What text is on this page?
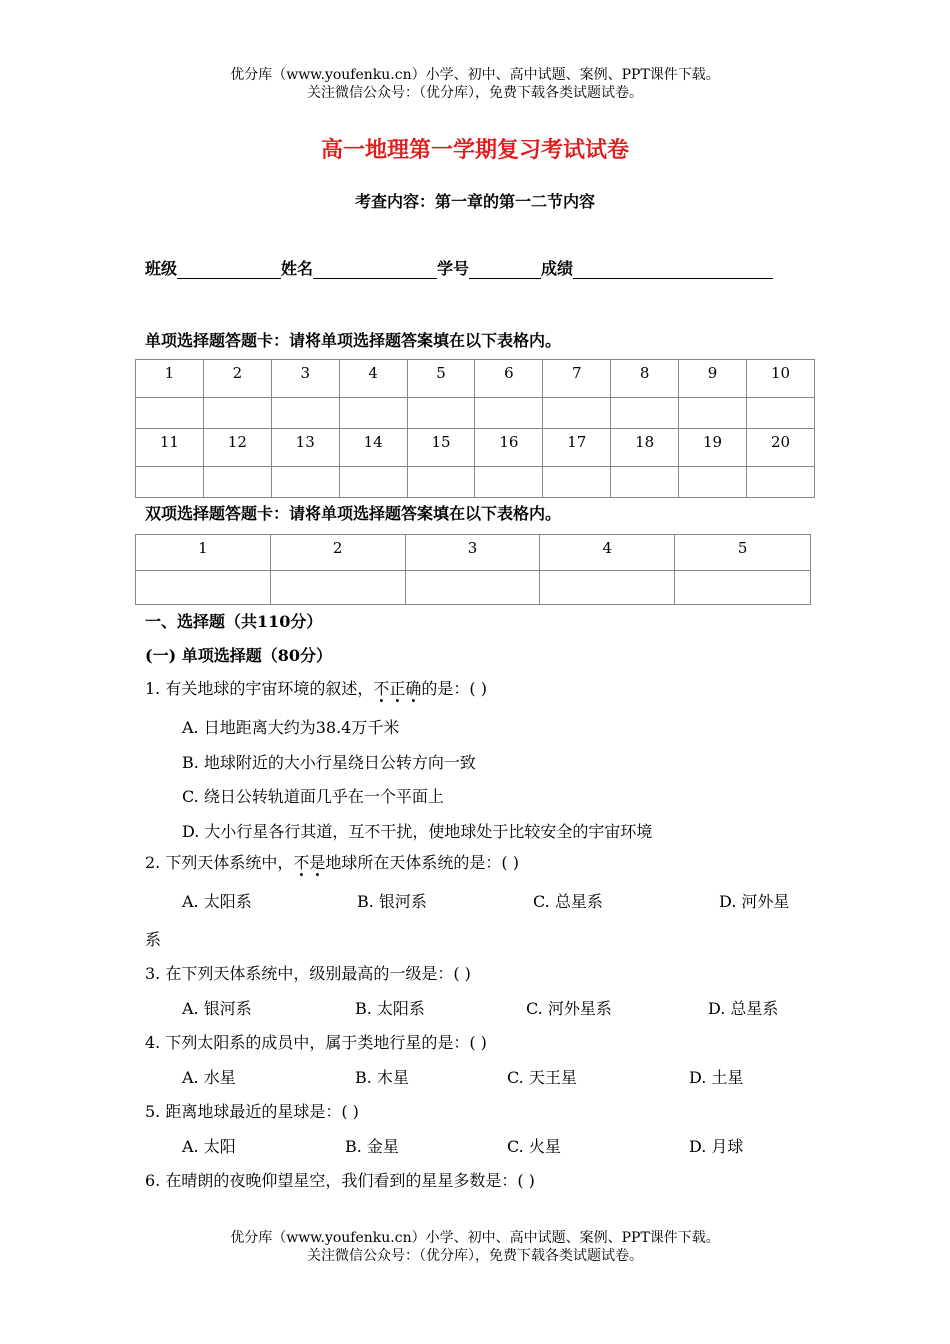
优分库（www.youfenku.cn）小学、初中、高中试题、案例、PPT课件下载。
关注微信公众号：（优分库），免费下载各类试题试卷。
高一地理第一学期复习考试试卷
考查内容：第一章的第一二节内容
班级	姓名	学号	成绩
单项选择题答题卡：请将单项选择题答案填在以下表格内。
1	2	3	4	5	6	7	8	9	10

11	12	13	14	15	16	17	18	19	20

双项选择题答题卡：请将单项选择题答案填在以下表格内。
1	2	3	4	5

一、选择题（共110分）
(一) 单项选择题（80分）
1. 有关地球的宇宙环境的叙述，不正确的是：( )
A. 日地距离大约为38.4万千米
B. 地球附近的大小行星绕日公转方向一致
C. 绕日公转轨道面几乎在一个平面上
D. 大小行星各行其道，互不干扰，使地球处于比较安全的宇宙环境
2. 下列天体系统中，不是地球所在天体系统的是：( )
A. 太阳系	B. 银河系	C. 总星系	D. 河外星
系
3. 在下列天体系统中，级别最高的一级是：( )
A. 银河系	B. 太阳系	C. 河外星系	D. 总星系
4. 下列太阳系的成员中，属于类地行星的是：( )
A. 水星	B. 木星	C. 天王星	D. 土星
5. 距离地球最近的星球是：( )
A. 太阳	B. 金星	C. 火星	D. 月球
6. 在晴朗的夜晚仰望星空，我们看到的星星多数是：( )
优分库（www.youfenku.cn）小学、初中、高中试题、案例、PPT课件下载。
关注微信公众号：（优分库），免费下载各类试题试卷。
